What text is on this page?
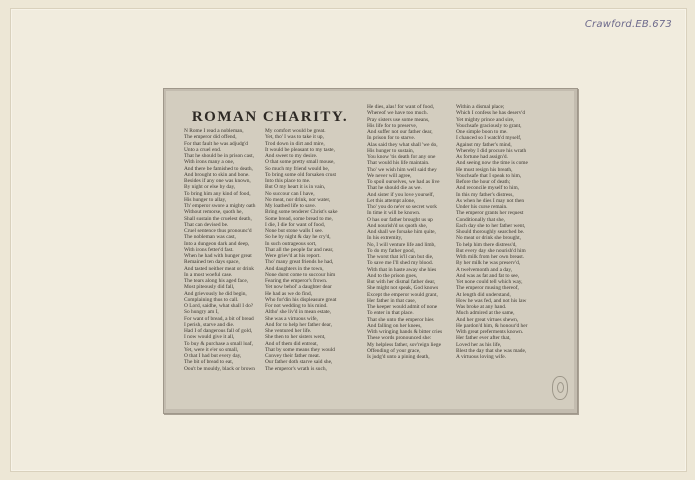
Crawford.EB.673
ROMAN CHARITY.
N Rome I read a nobleman,
The emperor did offend,
For that fault he was adjudg'd
Unto a cruel end.
That he should be in prison cast,
With irons many a one,
And there be famished to death,
And brought to skin and bone.
Besides if any one was known,
By night or else by day,
To bring him any kind of food,
His hunger to allay,
Th' emperor swore a mighty oath
Without remorse, quoth he,
Shall sustain the cruelest death,
That can devised be.
Cruel sentence thus pronounc'd
The nobleman was cast,
Into a dungeon dark and deep,
With irons fetter'd fast.
When he had with hunger great
Remained ten days space,
And tasted neither meat or drink
In a most woeful case.
The tears along his aged face,
Most piteously did fall,
And grievously he did begin,
Complaining thus to call.
O Lord, saidhe, what shall I do?
So hungry am I,
For want of bread, a bit of bread
I perish, starve and die.
Had I of dangerous fall of gold,
I now would give it all,
To buy & purchase a small loaf,
Yet, were it e'er so small,
O that I had but every day,
The bit of bread to eat,
Oou't be mouldy, black or brown
My comfort would be great.
Yet, tho' I was to take it up,
Trod down in dirt and mire,
It would be pleasant to my taste,
And sweet to my desire.
O that some pretty small mouse,
So much my friend would be,
To bring some old forsaken crust
Into this place to me.
But O my heart it is in vain,
No succour can I have,
No meat, nor drink, nor water,
My loathed life to save.
Bring some tenderer Christ's sake
Some bread, some bread to me,
I die, I die for want of food,
None but stone walls I see.
So he by night & day he cry'd,
In such outrageous sort,
That all the people far and near,
Were griev'd at his report.
Tho' many great friends he had,
And daughters in the town,
None durst come to succour him
Fearing the emperor's frown.
Yet now behol' a daughter dear
He had as we do find,
Who for'din his displeasure great
For not wedding to his mind.
Altho' she liv'd in mean estate,
She was a virtuous wife,
And for to help her father dear,
She ventured her life.
She then to her sisters went,
And of them did entreat,
That by some means they would
Convey their father meat.
Our father doth starve said she,
The emperor's wrath is such,
He dies, alas! for want of food,
Whereof we have too much.
Pray sisters use some means,
His life for to preserve,
And suffer not our father dear,
In prison for to starve.
Alas said they what shall 'we do,
His hunger to sustain,
You know 'tis death for any one
That would his life maintain.
Tho' we wish him well said they
We never will agree,
To spoil ourselves, we had as live
That he should die as we.
And sister if you love yourself,
Let this attempt alone,
Tho' you do ne'er so secret work
In time it will be known.
O has our father brought us up
And nourish'd us quoth she,
And shall we forsake him quite,
In his extremity,
No, I will venture life and limb,
To do my father good,
The worst that is'll can but die,
To save me I'll shed my blood.
With that in haste away she hies
And to the prison goes,
But with her dismal father dear,
She might not speak, God knows
Except the emperor would grant,
Her father in that case,
The keeper would admit of none
To enter in that place.
That she unto the emperor hies
And falling on her knees,
With wringing hands & bitter cries
These words pronounced she:
My helpless father, sov'reign liege
Offending of your grace,
Is judg'd unto a pining death,
Within a dismal place;
Which I confess he has deserv'd
Yet mighty prince and sire,
Vouchsafe graciously to grant,
One simple boon to me.
I chanced so I watch'd myself,
Against my father's mind,
Whereby I did procure his wrath
As fortune had assign'd.
And seeing now the time is come
He must resign his breath,
Vouchsafe that I speak to him,
Before the hour of death;
And reconcile myself to him,
In this my father's distress,
As when he dies I may not then
Under his curse remain.
The emperor grants her request
Conditionally that she,
Each day she to her father went,
Should thoroughly searched be.
No meat or drink she brought,
To help him there distress'd,
But every day she nourish'd him
With milk from her own breast.
By her milk he was preserv'd,
A twelvemonth and a day,
And was as fat and fat to see,
Yet none could tell which way,
The emperor musing thereof,
At length did understand,
How he was fed, and not his law
Was broke at any hand.
Much admired at the same,
And her great virtues shewn,
He pardon'd him, & honour'd her
With great preferments known.
Her father ever after that,
Loved her as his life,
Blest the day that she was made,
A virtuous loving wife.
